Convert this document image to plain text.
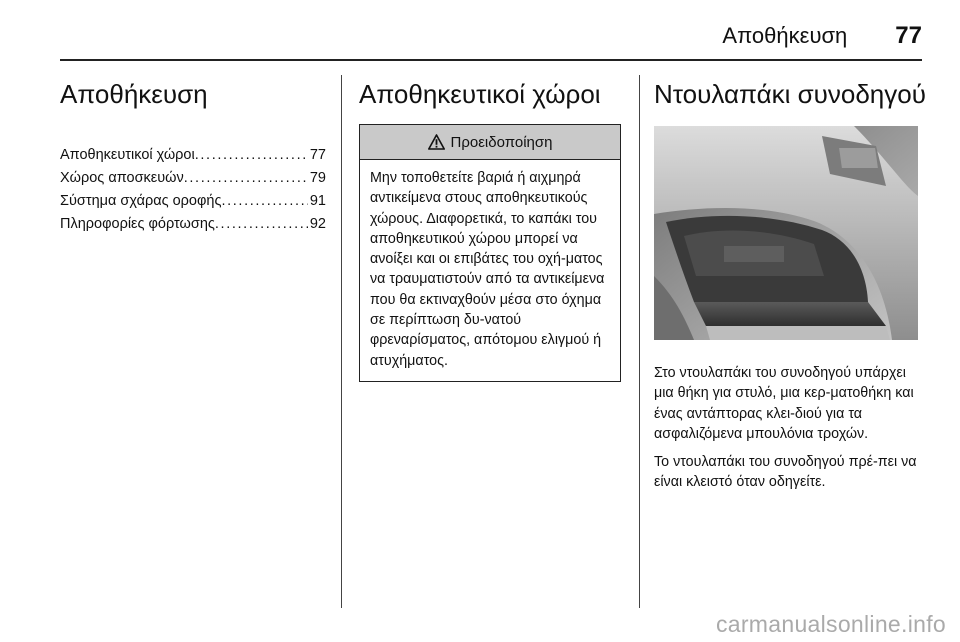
Αποθήκευση 77
Αποθήκευση
Αποθηκευτικοί χώροι . . .	77
Χώρος αποσκευών . . .	79
Σύστημα σχάρας οροφής . . .	91
Πληροφορίες φόρτωσης . . .	92
Αποθηκευτικοί χώροι
Προειδοποίηση
Μην τοποθετείτε βαριά ή αιχμηρά αντικείμενα στους αποθηκευτικούς χώρους. Διαφορετικά, το καπάκι του αποθηκευτικού χώρου μπορεί να ανοίξει και οι επιβάτες του οχή-ματος να τραυματιστούν από τα αντικείμενα που θα εκτιναχθούν μέσα στο όχημα σε περίπτωση δυ-νατού φρεναρίσματος, απότομου ελιγμού ή ατυχήματος.
Ντουλαπάκι συνοδηγού

Στο ντουλαπάκι του συνοδηγού υπάρχει μια θήκη για στυλό, μια κερ-ματοθήκη και ένας αντάπτορας κλει-διού για τα ασφαλιζόμενα μπουλόνια τροχών.

Το ντουλαπάκι του συνοδηγού πρέ-πει να είναι κλειστό όταν οδηγείτε.

carmanualsonline.info
